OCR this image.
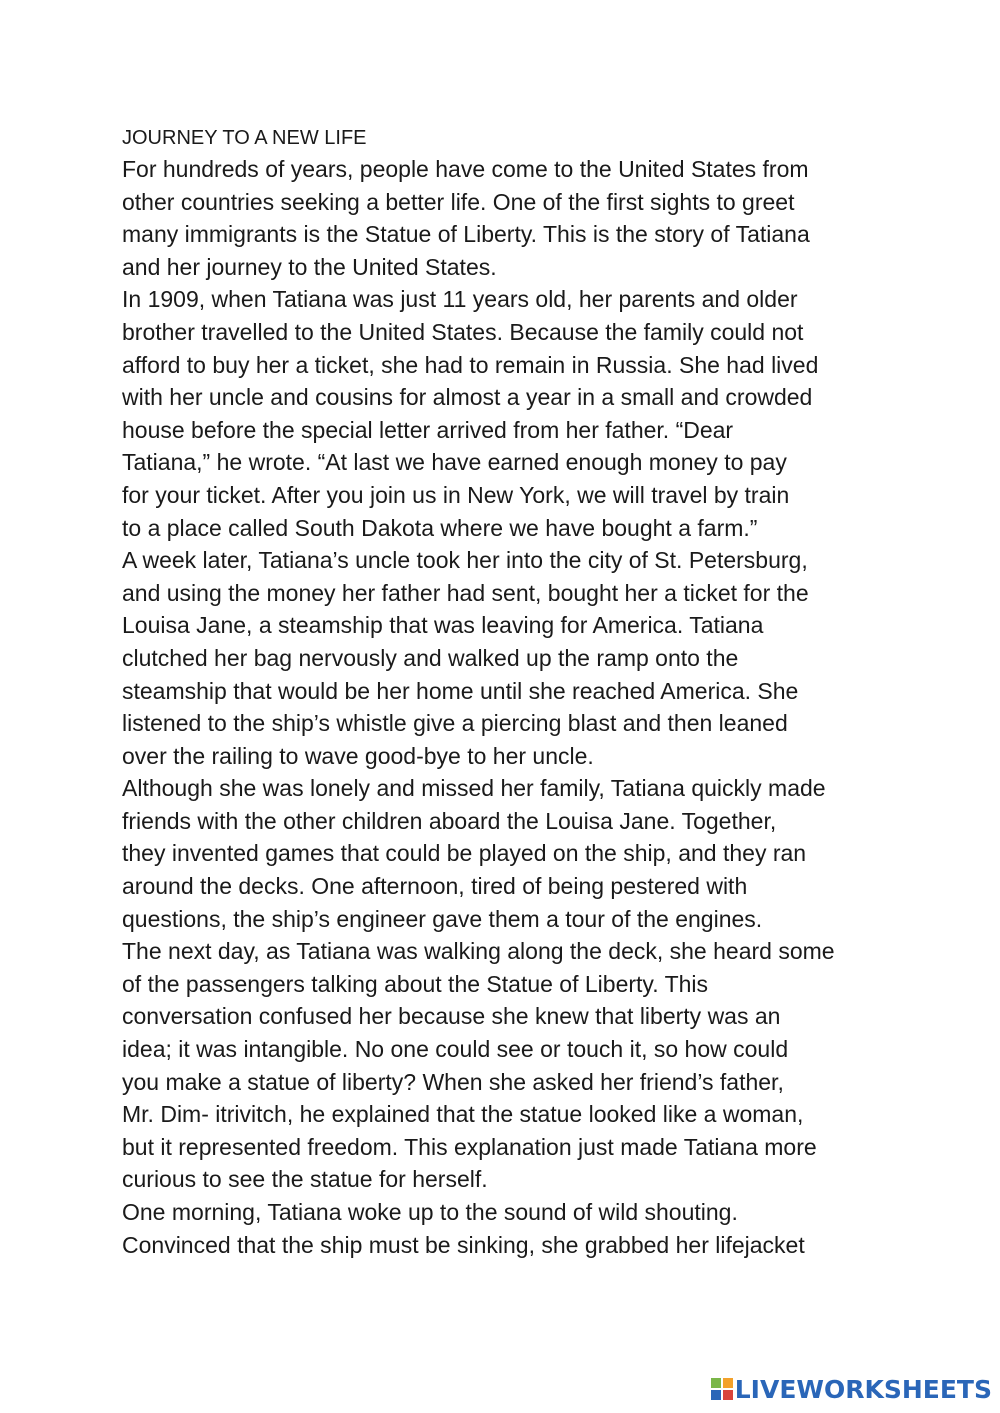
JOURNEY TO A NEW LIFE

For hundreds of years, people have come to the United States from

other countries seeking a better life. One of the first sights to greet

many immigrants is the Statue of Liberty. This is the story of Tatiana

and her journey to the United States.

In 1909, when Tatiana was just 11 years old, her parents and older

brother travelled to the United States. Because the family could not

afford to buy her a ticket, she had to remain in Russia. She had lived

with her uncle and cousins for almost a year in a small and crowded

house before the special letter arrived from her father. “Dear

Tatiana,” he wrote. “At last we have earned enough money to pay

for your ticket. After you join us in New York, we will travel by train

to a place called South Dakota where we have bought a farm.”

A week later, Tatiana’s uncle took her into the city of St. Petersburg,

and using the money her father had sent, bought her a ticket for the

Louisa Jane, a steamship that was leaving for America. Tatiana

clutched her bag nervously and walked up the ramp onto the

steamship that would be her home until she reached America. She

listened to the ship’s whistle give a piercing blast and then leaned

over the railing to wave good-bye to her uncle.

Although she was lonely and missed her family, Tatiana quickly made

friends with the other children aboard the Louisa Jane. Together,

they invented games that could be played on the ship, and they ran

around the decks. One afternoon, tired of being pestered with

questions, the ship’s engineer gave them a tour of the engines.

The next day, as Tatiana was walking along the deck, she heard some

of the passengers talking about the Statue of Liberty. This

conversation confused her because she knew that liberty was an

idea; it was intangible. No one could see or touch it, so how could

you make a statue of liberty? When she asked her friend’s father,

Mr. Dim- itrivitch, he explained that the statue looked like a woman,

but it represented freedom. This explanation just made Tatiana more

curious to see the statue for herself.

One morning, Tatiana woke up to the sound of wild shouting.

Convinced that the ship must be sinking, she grabbed her lifejacket

LIVEWORKSHEETS
